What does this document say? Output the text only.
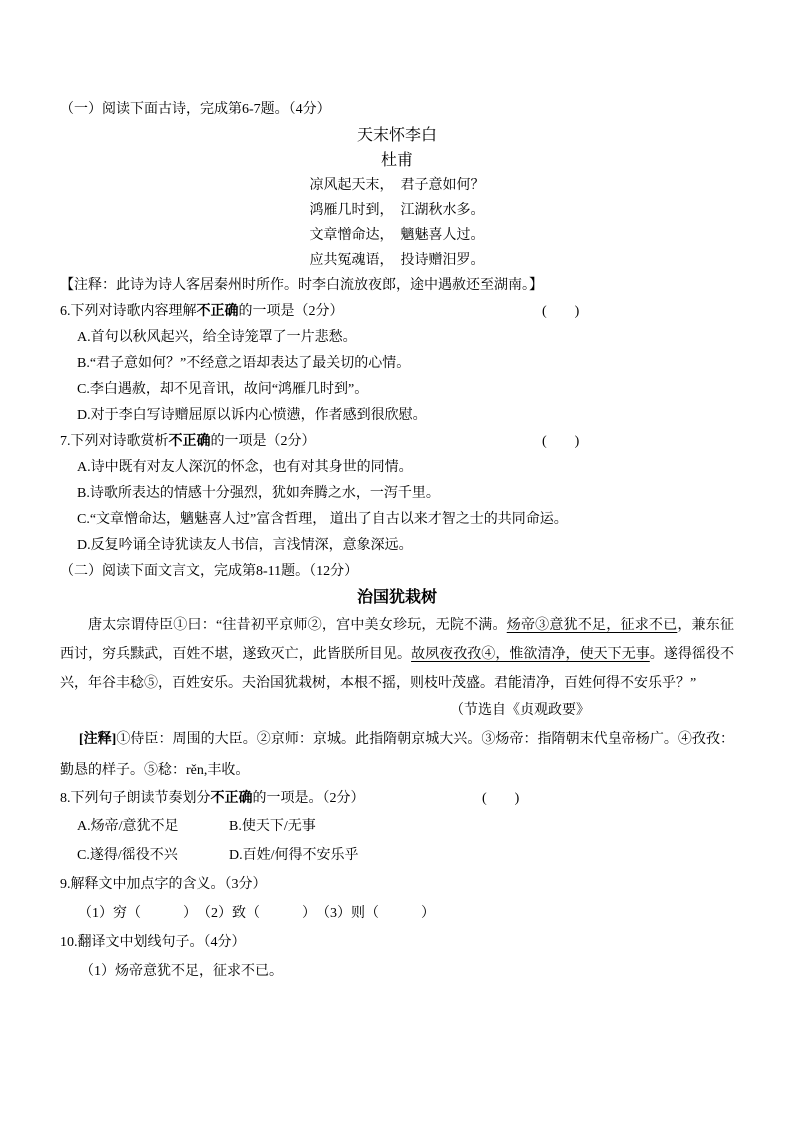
（一）阅读下面古诗，完成第6-7题。（4分）
天末怀李白
杜甫
凉风起天末，　君子意如何？
鸿雁几时到，　江湖秋水多。
文章憎命达，　魑魅喜人过。
应共冤魂语，　投诗赠汨罗。
【注释：此诗为诗人客居秦州时所作。时李白流放夜郎，途中遇赦还至湖南。】
6.下列对诗歌内容理解不正确的一项是（2分）	(　　)
A.首句以秋风起兴，给全诗笼罩了一片悲愁。
B.“君子意如何？”不经意之语却表达了最关切的心情。
C.李白遇赦，却不见音讯，故问“鸿雁几时到”。
D.对于李白写诗赠屈原以诉内心愤懑，作者感到很欣慰。
7.下列对诗歌赏析不正确的一项是（2分）	(　　)
A.诗中既有对友人深沉的怀念，也有对其身世的同情。
B.诗歌所表达的情感十分强烈，犹如奔腾之水，一泻千里。
C.“文章憎命达，魑魅喜人过”富含哲理， 道出了自古以来才智之士的共同命运。
D.反复吟诵全诗犹读友人书信，言浅情深，意象深远。
（二）阅读下面文言文，完成第8-11题。（12分）
治国犹栽树
唐太宗谓侍臣①曰：“往昔初平京师②，宫中美女珍玩，无院不满。炀帝③意犹不足，征求不已，兼东征西讨，穷兵黩武，百姓不堪，遂致灭亡，此皆朕所目见。故夙夜孜孜④，惟欲清净，使天下无事。遂得徭役不兴，年谷丰稔⑤，百姓安乐。夫治国犹栽树，本根不摇，则枝叶茂盛。君能清净，百姓何得不安乐乎？”
（节选自《贞观政要》
[注释]①侍臣：周围的大臣。②京师：京城。此指隋朝京城大兴。③炀帝：指隋朝末代皇帝杨广。④孜孜：勤恳的样子。⑤稔：rěn,丰收。
8.下列句子朗读节奏划分不正确的一项是。（2分）	(　　)
A.炀帝/意犹不足	B.使天下/无事
C.遂得/徭役不兴	D.百姓/何得不安乐乎
9.解释文中加点字的含义。（3分）
（1）穷（　　　）　（2）致（　　　）　（3）则（　　　）
10.翻译文中划线句子。（4分）
（1）炀帝意犹不足，征求不已。
